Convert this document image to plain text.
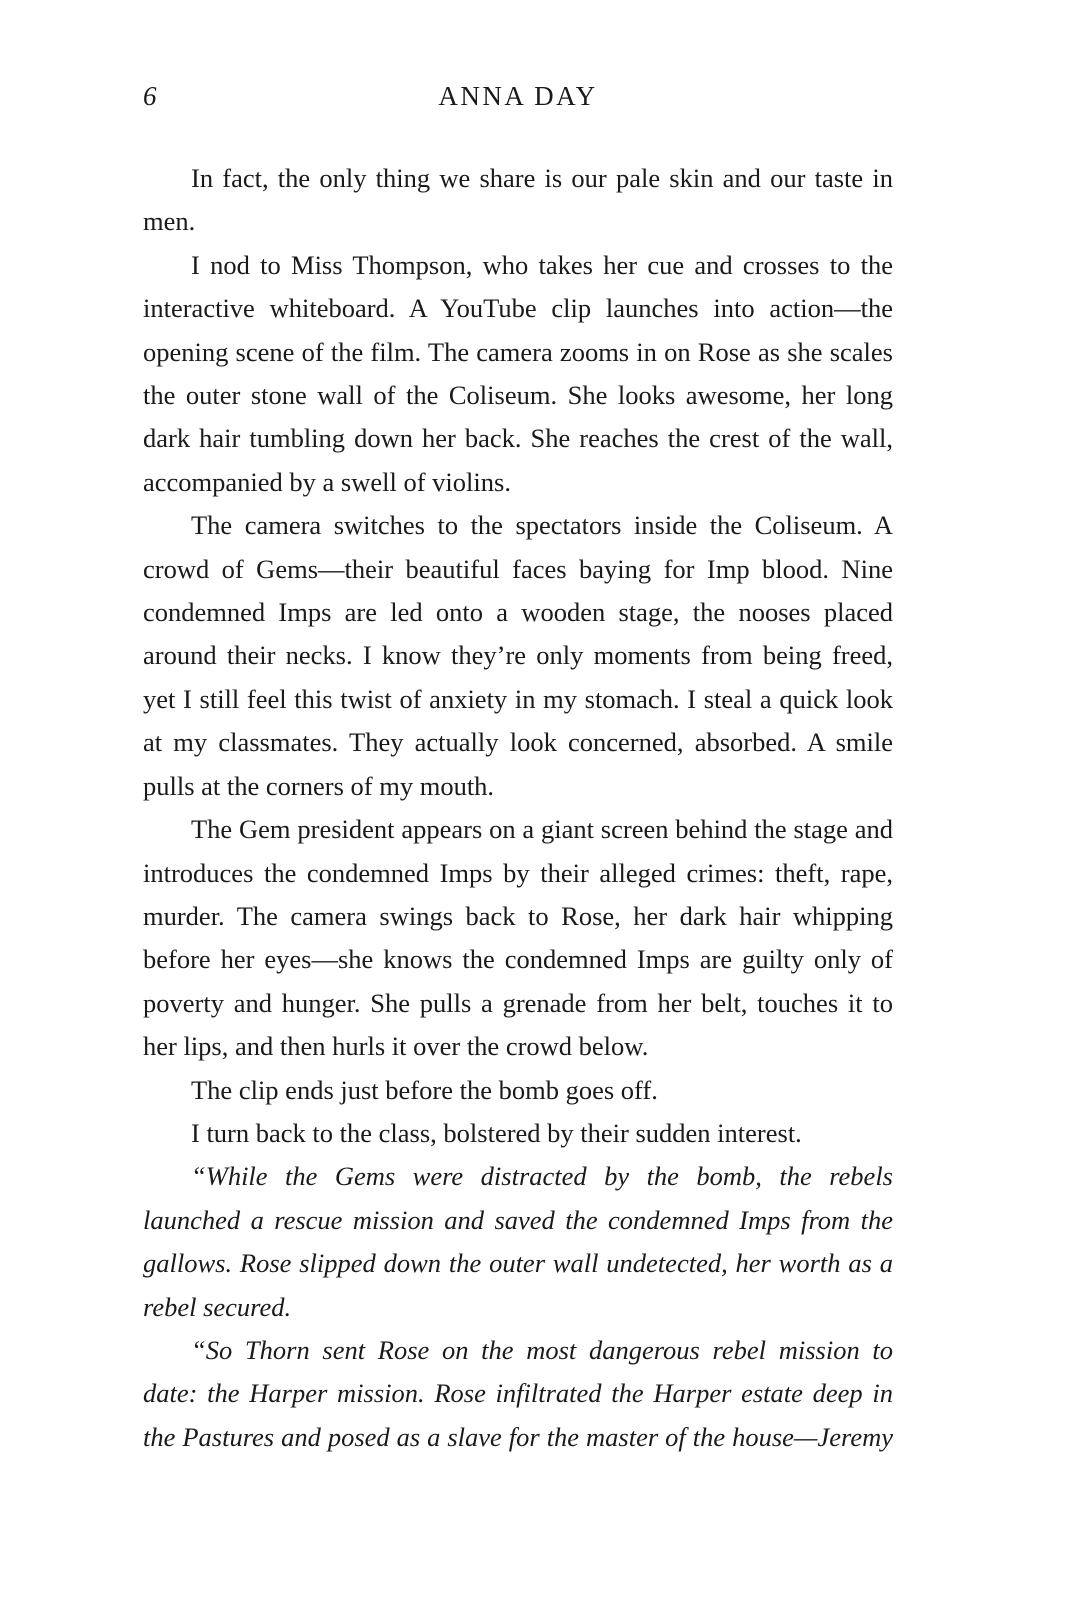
6	ANNA DAY

In fact, the only thing we share is our pale skin and our taste in men.

I nod to Miss Thompson, who takes her cue and crosses to the interactive whiteboard. A YouTube clip launches into action—the opening scene of the film. The camera zooms in on Rose as she scales the outer stone wall of the Coliseum. She looks awesome, her long dark hair tumbling down her back. She reaches the crest of the wall, accompanied by a swell of violins.

The camera switches to the spectators inside the Coliseum. A crowd of Gems—their beautiful faces baying for Imp blood. Nine condemned Imps are led onto a wooden stage, the nooses placed around their necks. I know they’re only moments from being freed, yet I still feel this twist of anxiety in my stomach. I steal a quick look at my classmates. They actually look concerned, absorbed. A smile pulls at the corners of my mouth.

The Gem president appears on a giant screen behind the stage and introduces the condemned Imps by their alleged crimes: theft, rape, murder. The camera swings back to Rose, her dark hair whipping before her eyes—she knows the condemned Imps are guilty only of poverty and hunger. She pulls a grenade from her belt, touches it to her lips, and then hurls it over the crowd below.

The clip ends just before the bomb goes off.

I turn back to the class, bolstered by their sudden interest.

“While the Gems were distracted by the bomb, the rebels launched a rescue mission and saved the condemned Imps from the gallows. Rose slipped down the outer wall undetected, her worth as a rebel secured.

“So Thorn sent Rose on the most dangerous rebel mission to date: the Harper mission. Rose infiltrated the Harper estate deep in the Pastures and posed as a slave for the master of the house—Jeremy
